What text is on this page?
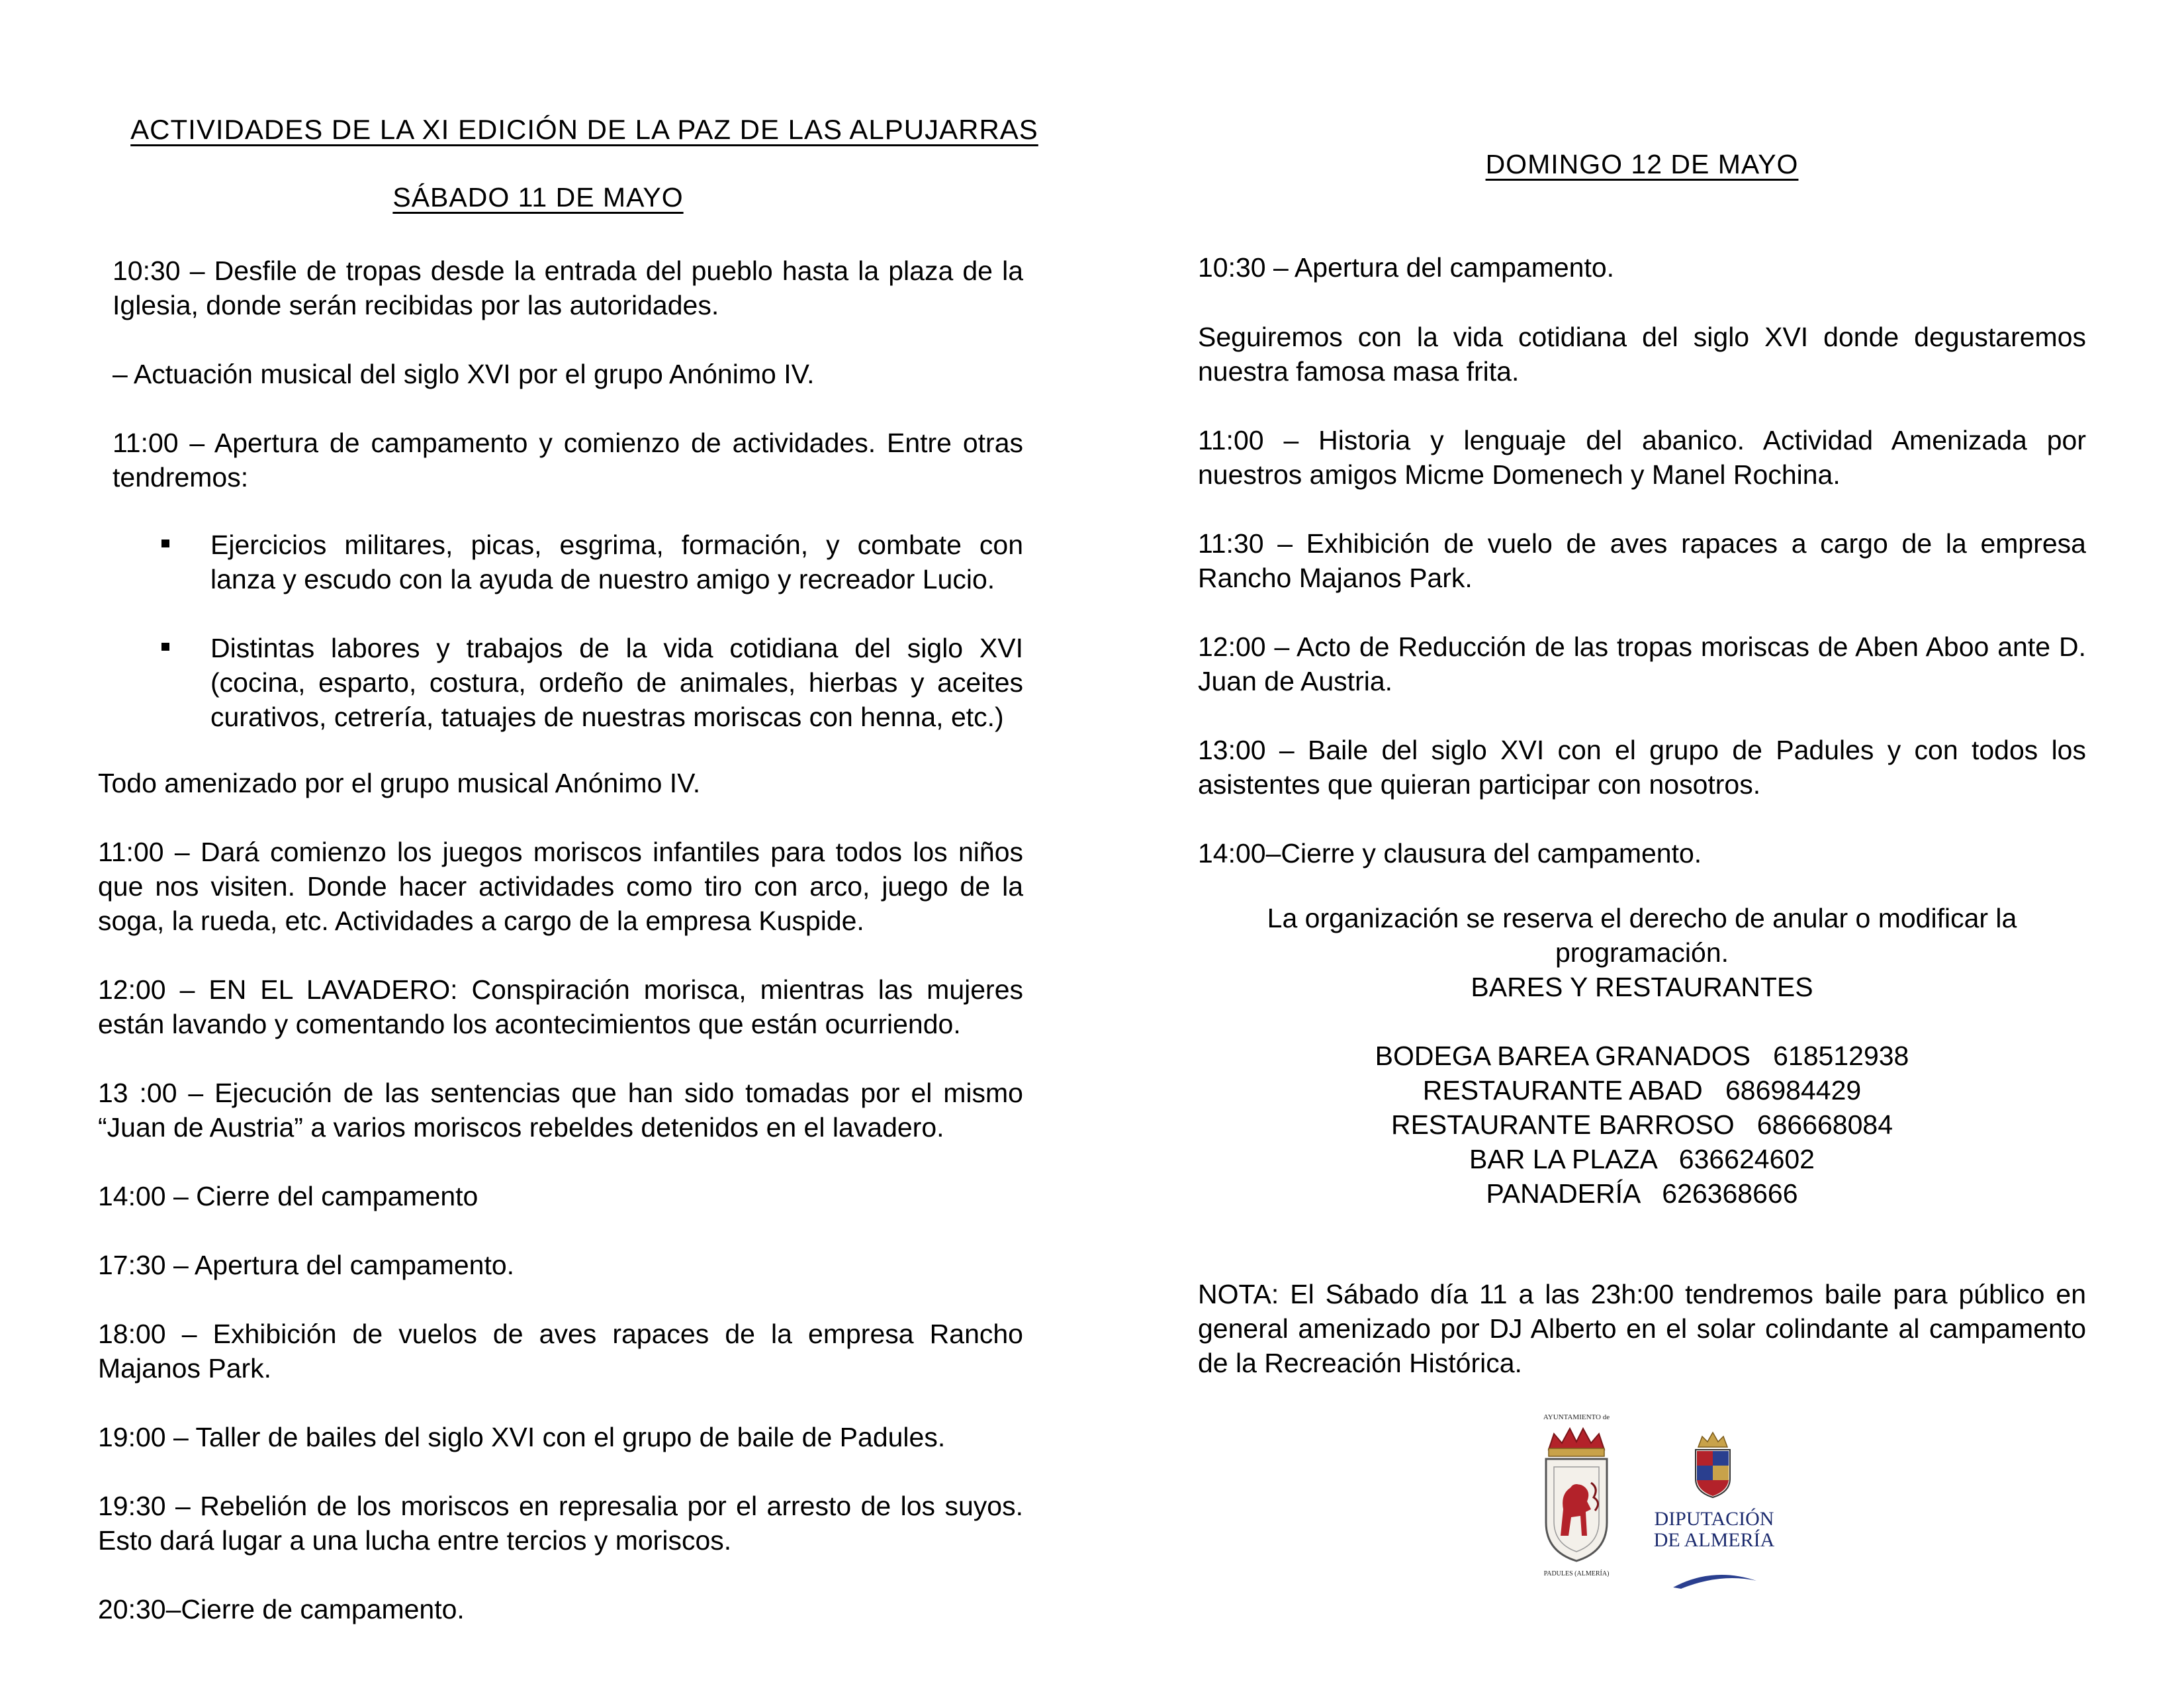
ACTIVIDADES DE LA XI EDICIÓN DE LA PAZ DE LAS ALPUJARRAS

SÁBADO 11 DE MAYO

10:30 – Desfile de tropas desde la entrada del pueblo hasta la plaza de la Iglesia, donde serán recibidas por las autoridades.

– Actuación musical del siglo XVI por el grupo Anónimo IV.

11:00 – Apertura de campamento y comienzo de actividades. Entre otras tendremos:

Ejercicios militares, picas, esgrima, formación, y combate con lanza y escudo con la ayuda de nuestro amigo y recreador Lucio.
Distintas labores y trabajos de la vida cotidiana del siglo XVI (cocina, esparto, costura, ordeño de animales, hierbas y aceites curativos, cetrería, tatuajes de nuestras moriscas con henna, etc.)

Todo amenizado por el grupo musical Anónimo IV.

11:00 – Dará comienzo los juegos moriscos infantiles para todos los niños que nos visiten. Donde hacer actividades como tiro con arco, juego de la soga, la rueda, etc. Actividades a cargo de la empresa Kuspide.

12:00 – EN EL LAVADERO: Conspiración morisca, mientras las mujeres están lavando y comentando los acontecimientos que están ocurriendo.

13 :00 – Ejecución de las sentencias que han sido tomadas por el mismo “Juan de Austria” a varios moriscos rebeldes detenidos en el lavadero.

14:00 – Cierre del campamento

17:30 – Apertura del campamento.

18:00 – Exhibición de vuelos de aves rapaces de la empresa Rancho Majanos Park.

19:00 – Taller de bailes del siglo XVI con el grupo de baile de Padules.

19:30 – Rebelión de los moriscos en represalia por el arresto de los suyos. Esto dará lugar a una lucha entre tercios y moriscos.

20:30–Cierre de campamento.

DOMINGO 12 DE MAYO

10:30 – Apertura del campamento.

Seguiremos con la vida cotidiana del siglo XVI donde degustaremos nuestra famosa masa frita.

11:00 – Historia y lenguaje del abanico. Actividad Amenizada por nuestros amigos Micme Domenech y Manel Rochina.

11:30 – Exhibición de vuelo de aves rapaces a cargo de la empresa Rancho Majanos Park.

12:00 – Acto de Reducción de las tropas moriscas de Aben Aboo ante D. Juan de Austria.

13:00 – Baile del siglo XVI con el grupo de Padules y con todos los asistentes que quieran participar con nosotros.

14:00–Cierre y clausura del campamento.

La organización se reserva el derecho de anular o modificar la programación.

BARES Y RESTAURANTES

BODEGA BAREA GRANADOS   618512938

RESTAURANTE ABAD   686984429

RESTAURANTE BARROSO   686668084

BAR LA PLAZA   636624602

PANADERÍA   626368666

NOTA: El Sábado día 11 a las 23h:00 tendremos baile para público en general amenizado por DJ Alberto en el solar colindante al campamento de la Recreación Histórica.

AYUNTAMIENTO de
PADULES (ALMERÍA)
DIPUTACIÓN
DE ALMERÍA
